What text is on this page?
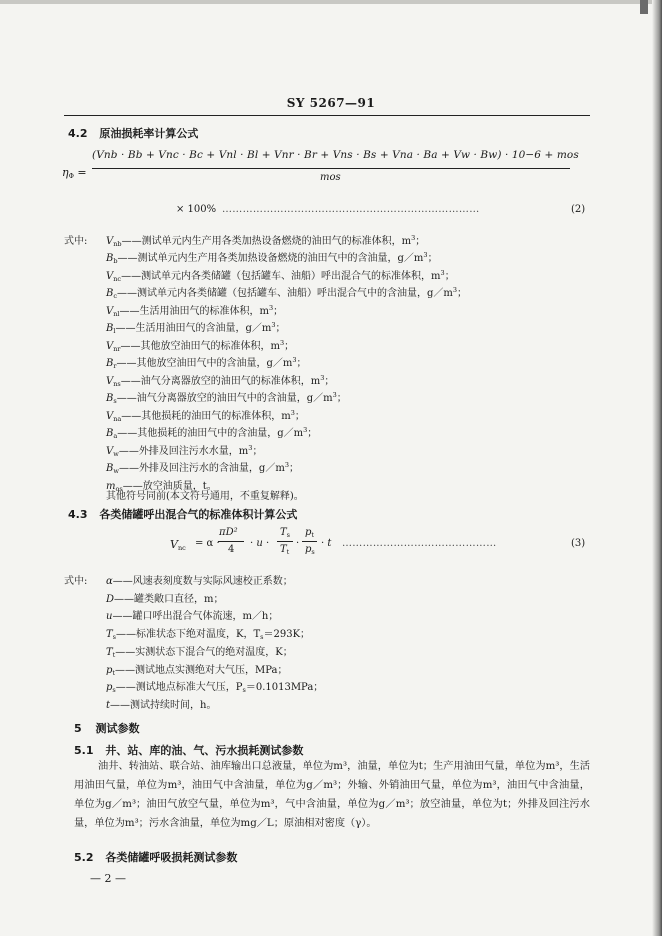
SY 5267—91
4.2 原油损耗率计算公式
$\eta_\Phi$ =
(Vnb · Bb + Vnc · Bc + Vnl · Bl + Vnr · Br + Vns · Bs + Vna · Ba + Vw · Bw) · 10−6 + mos
mos
× 100% …………………………………………………………………	(2)
式中: $V_{nb}——$测试单元内生产用各类加热设备燃烧的油田气的标准体积，$m^3$；
$B_b——$测试单元内生产用各类加热设备燃烧的油田气中的含油量，$g/m^3$；
$V_{nc}——$测试单元内各类储罐（包括罐车、油船）呼出混合气的标准体积，$m^3$；
$B_c——$测试单元内各类储罐（包括罐车、油船）呼出混合气中的含油量，$g/m^3$；
$V_{nl}——$生活用油田气的标准体积，$m^3$；
$B_l——$生活用油田气的含油量，$g/m^3$；
$V_{nr}——$其他放空油田气的标准体积，$m^3$；
$B_r——$其他放空油田气中的含油量，$g/m^3$；
$V_{ns}——$油气分离器放空的油田气的标准体积，$m^3$；
$B_s——$油气分离器放空的油田气中的含油量，$g/m^3$；
$V_{na}——$其他损耗的油田气的标准体积，$m^3$；
$B_a——$其他损耗的油田气中的含油量，$g/m^3$；
$V_w——$外排及回注污水水量，$m^3$；
$B_w——$外排及回注污水的含油量，$g/m^3$；
$m_{os}——$放空油质量，t。
其他符号同前(本文符号通用，不重复解释)。
4.3 各类储罐呼出混合气的标准体积计算公式
$V_{nc} = \alpha$ ·
πD²
4
· u ·
$T_s$
$T_t$
·
$p_t$
$p_s$
· t ………………………………………	(3)
式中: α——风速表刻度数与实际风速校正系数；
D——罐类敞口直径，m；
u——罐口呼出混合气体流速，m／h；
$T_s——$标准状态下绝对温度，K，$T_s=293K$；
$T_t——$实测状态下混合气的绝对温度，K；
$p_t——$测试地点实测绝对大气压，MPa；
$p_s——$测试地点标准大气压，$P_s=0.1013MPa$；
t——测试持续时间，h。
5 测试参数
5.1 井、站、库的油、气、污水损耗测试参数
油井、转油站、联合站、油库输出口总液量，单位为m³，油量，单位为t；生产用油田气量，单位为m³，生活用油田气量，单位为m³，油田气中含油量，单位为g／m³；外输、外销油田气量，单位为m³，油田气中含油量，单位为g／m³；油田气放空气量，单位为m³，气中含油量，单位为g／m³；放空油量，单位为t；外排及回注污水量，单位为m³；污水含油量，单位为mg／L；原油相对密度（γ）。
5.2 各类储罐呼吸损耗测试参数
— 2 —
